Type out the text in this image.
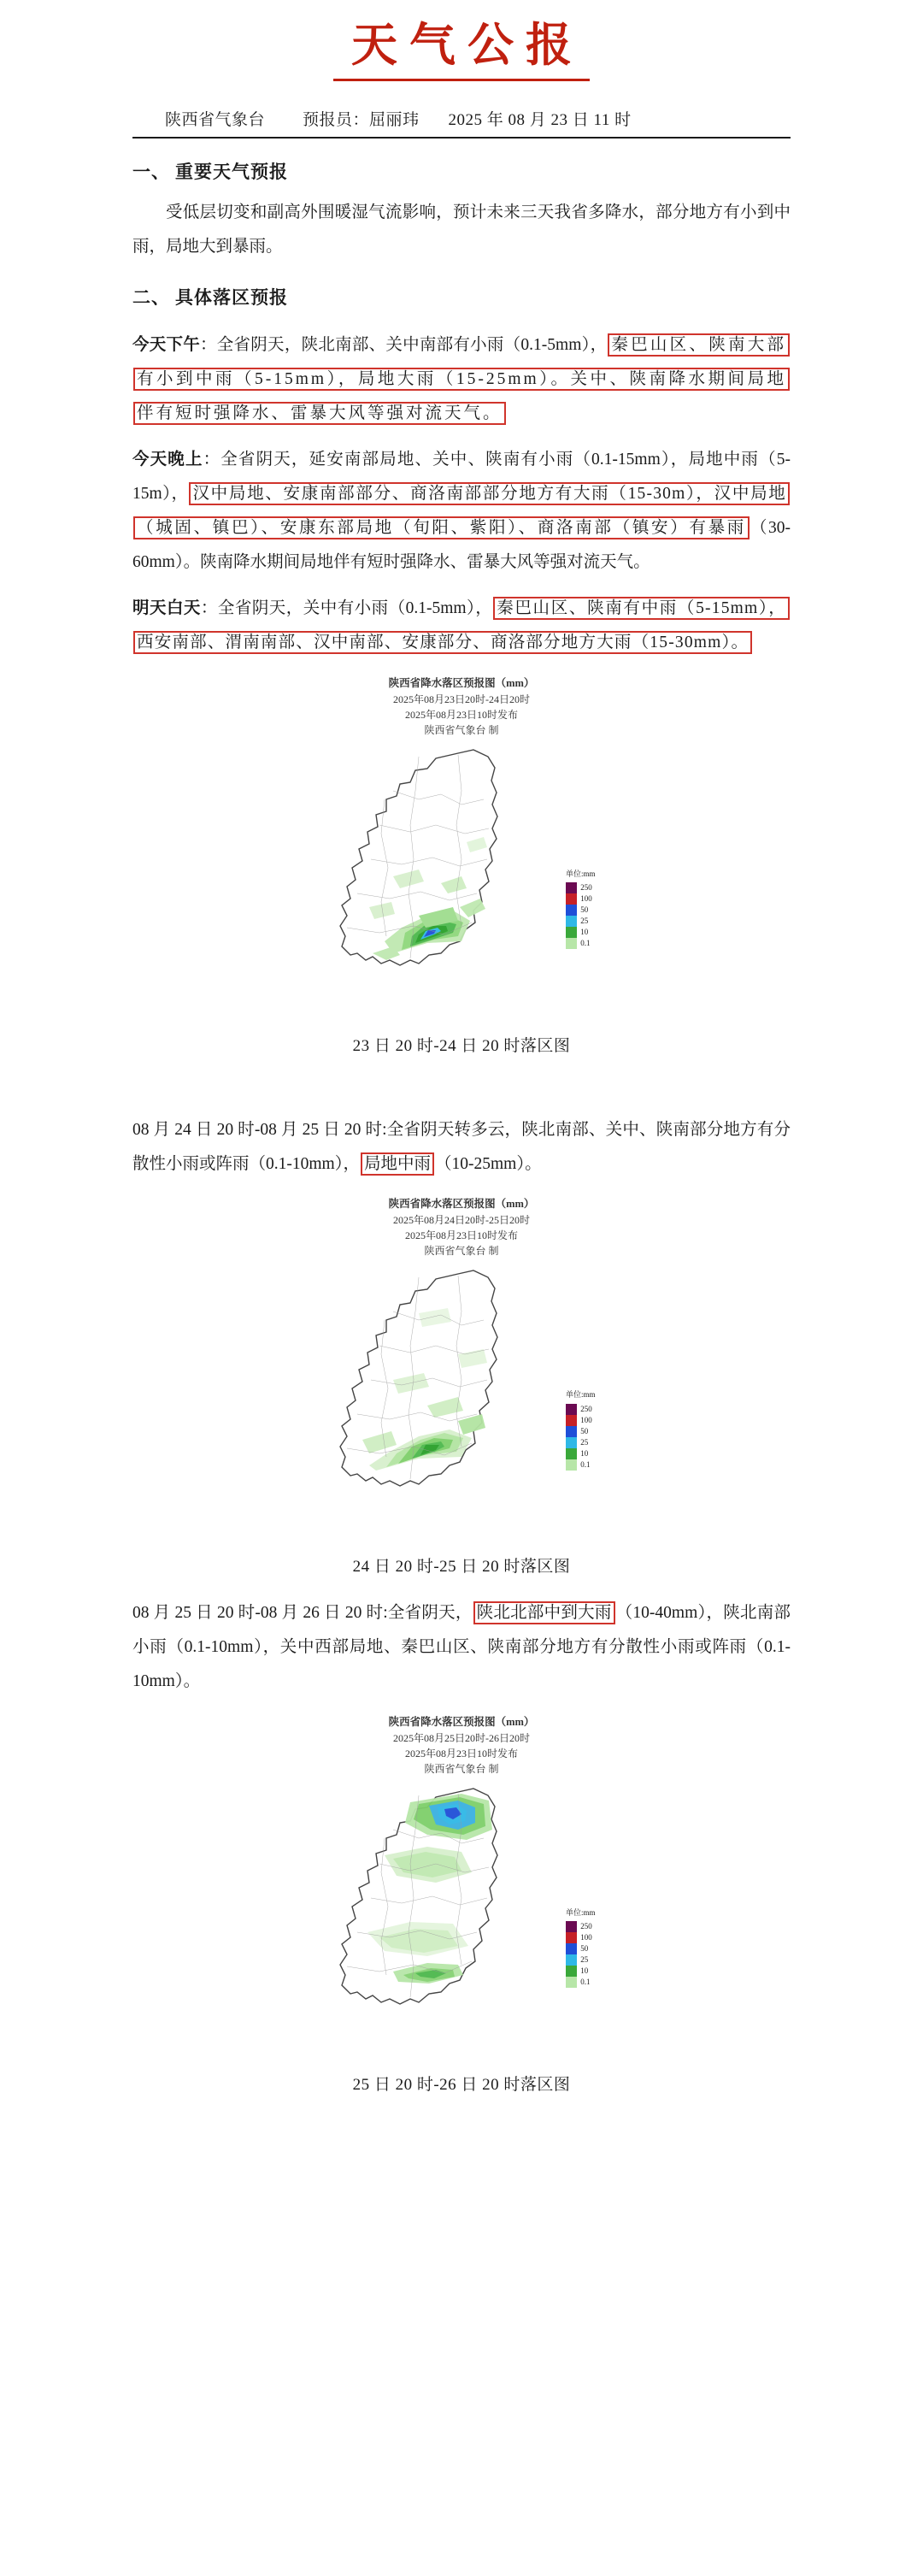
天气公报
陕西省气象台 预报员：屈丽玮 2025 年 08 月 23 日 11 时
一、 重要天气预报

受低层切变和副高外围暖湿气流影响，预计未来三天我省多降水，部分地方有小到中雨，局地大到暴雨。

二、 具体落区预报

今天下午：全省阴天，陕北南部、关中南部有小雨（0.1-5mm）， 秦巴山区、陕南大部有小到中雨（5-15mm），局地大雨（15-25mm）。关中、陕南降水期间局地伴有短时强降水、雷暴大风等强对流天气。

今天晚上：全省阴天，延安南部局地、关中、陕南有小雨（0.1-15mm），局地中雨（5-15m）， 汉中局地、安康南部部分、商洛南部部分地方有大雨（15-30m），汉中局地（城固、镇巴）、安康东部局地（旬阳、紫阳）、商洛南部（镇安）有暴雨 （30-60mm）。陕南降水期间局地伴有短时强降水、雷暴大风等强对流天气。

明天白天：全省阴天，关中有小雨（0.1-5mm）， 秦巴山区、陕南有中雨（5-15mm），西安南部、渭南南部、汉中南部、安康部分、商洛部分地方大雨（15-30mm）。

陕西省降水落区预报图（mm）
2025年08月23日20时-24日20时
2025年08月23日10时发布
陕西省气象台 制
单位:mm

250
100
50
25
10
0.1
23 日 20 时-24 日 20 时落区图

08 月 24 日 20 时-08 月 25 日 20 时:全省阴天转多云，陕北南部、关中、陕南部分地方有分散性小雨或阵雨（0.1-10mm）， 局地中雨 （10-25mm）。

陕西省降水落区预报图（mm）
2025年08月24日20时-25日20时
2025年08月23日10时发布
陕西省气象台 制
单位:mm

250
100
50
25
10
0.1
24 日 20 时-25 日 20 时落区图

08 月 25 日 20 时-08 月 26 日 20 时:全省阴天， 陕北北部中到大雨 （10-40mm），陕北南部小雨（0.1-10mm），关中西部局地、秦巴山区、陕南部分地方有分散性小雨或阵雨（0.1-10mm）。

陕西省降水落区预报图（mm）
2025年08月25日20时-26日20时
2025年08月23日10时发布
陕西省气象台 制
单位:mm

250
100
50
25
10
0.1
25 日 20 时-26 日 20 时落区图
